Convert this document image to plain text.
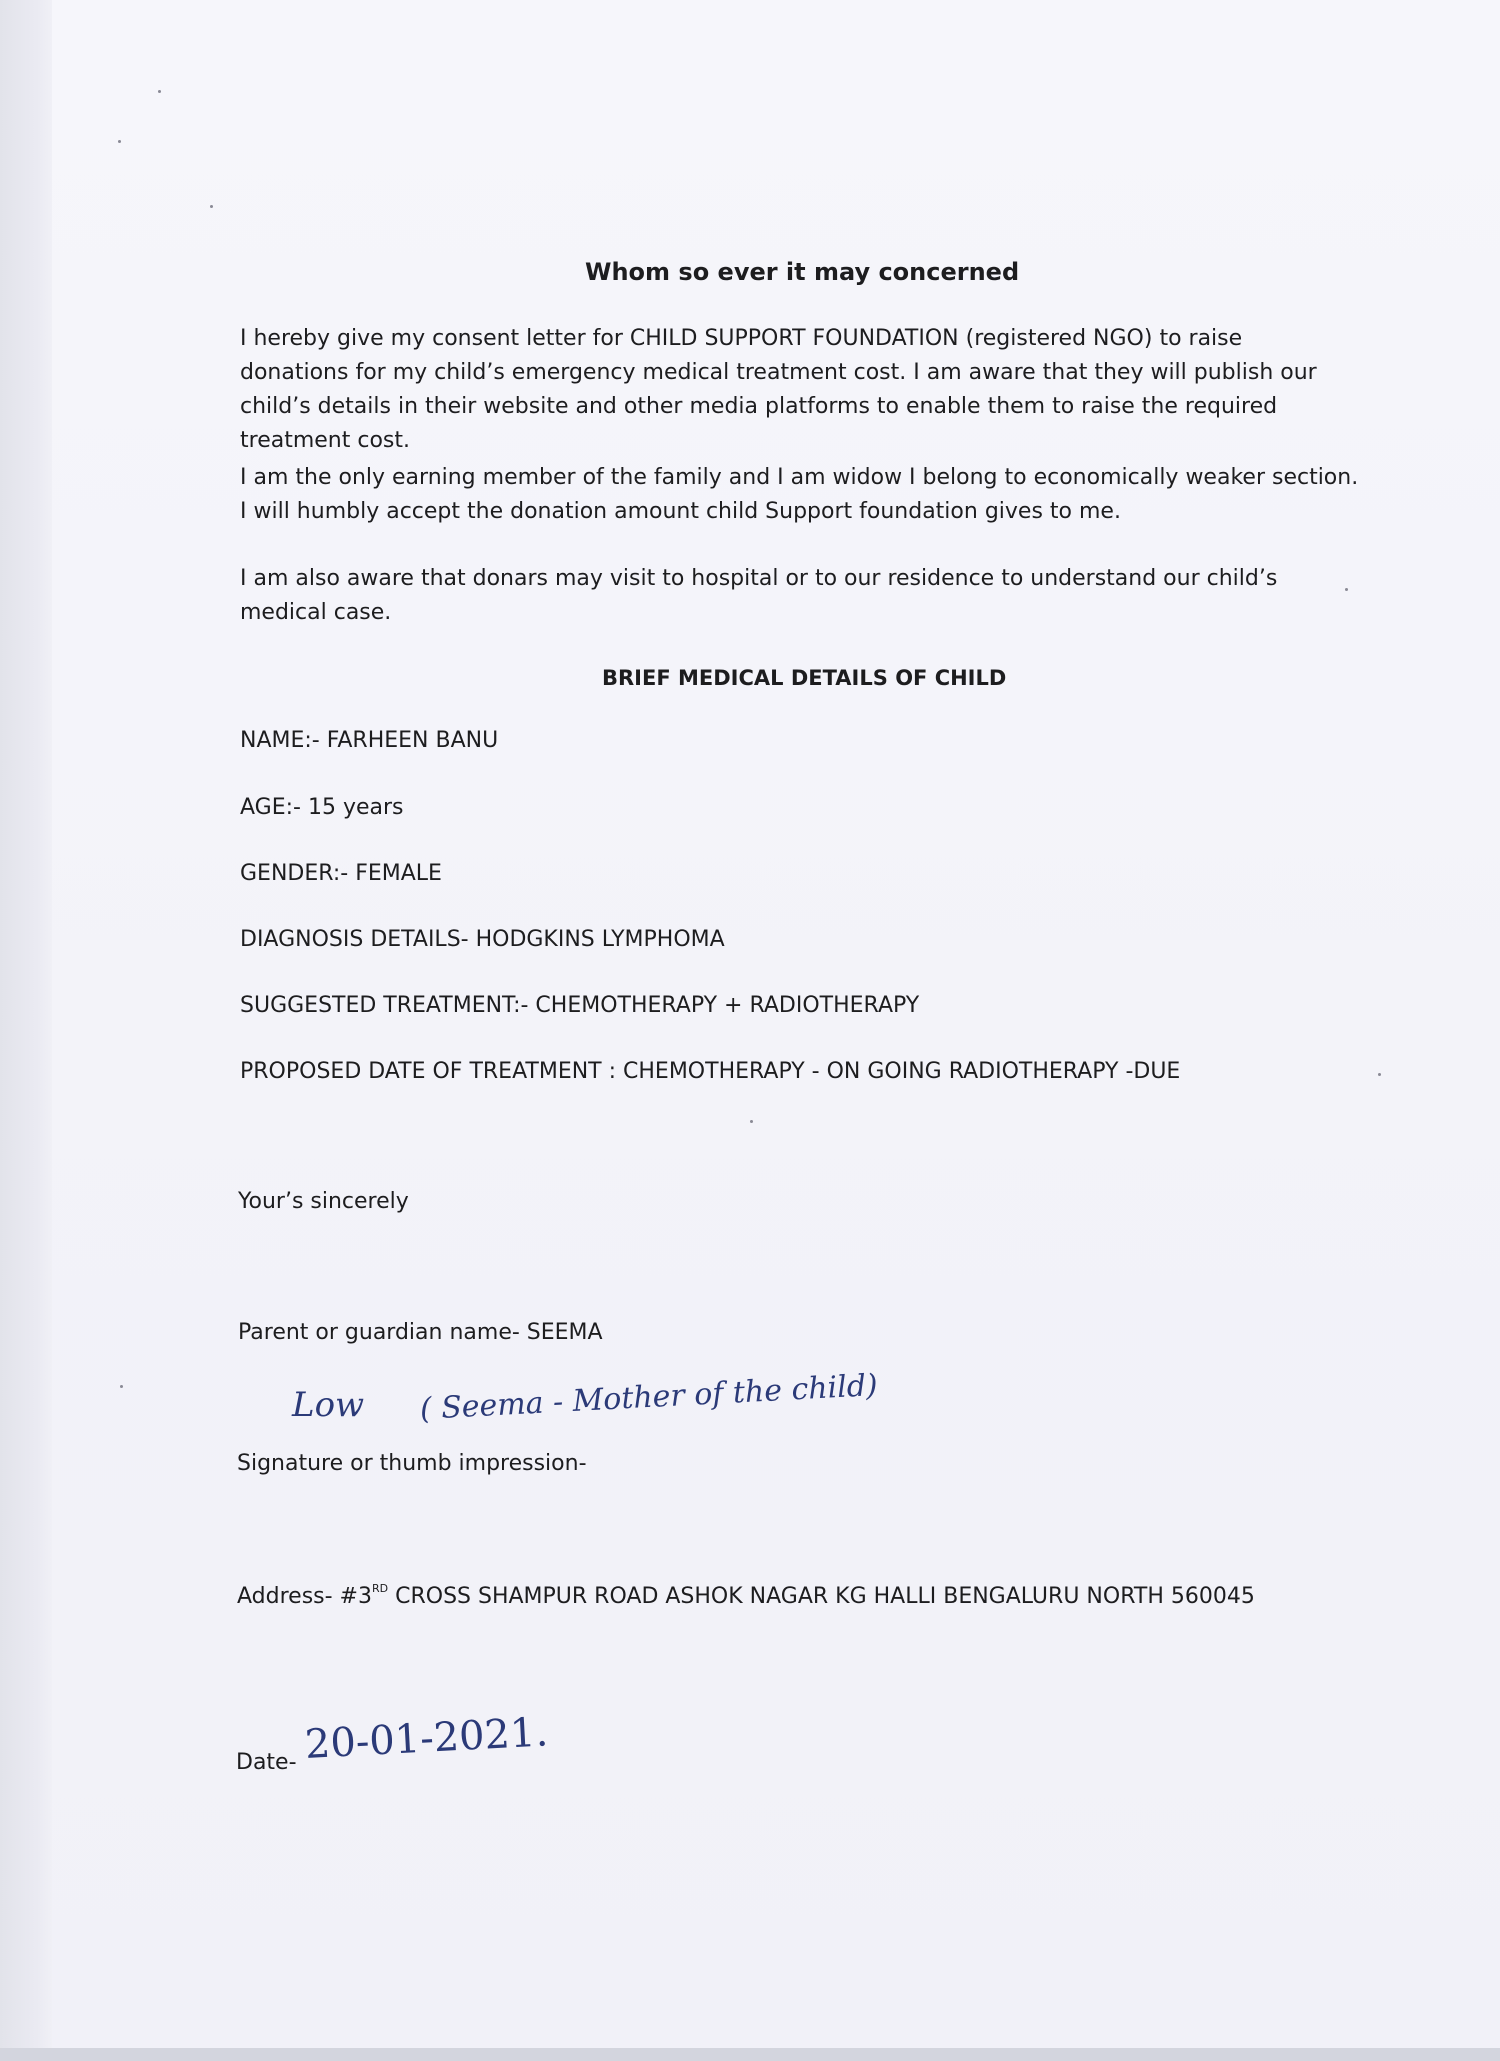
Whom so ever it may concerned
I hereby give my consent letter for CHILD SUPPORT FOUNDATION (registered NGO) to raise donations for my child’s emergency medical treatment cost. I am aware that they will publish our child’s details in their website and other media platforms to enable them to raise the required treatment cost.
I am the only earning member of the family and I am widow I belong to economically weaker section. I will humbly accept the donation amount child Support foundation gives to me.
I am also aware that donars may visit to hospital or to our residence to understand our child’s medical case.
BRIEF MEDICAL DETAILS OF CHILD
NAME:- FARHEEN BANU
AGE:- 15 years
GENDER:- FEMALE
DIAGNOSIS DETAILS- HODGKINS LYMPHOMA
SUGGESTED TREATMENT:- CHEMOTHERAPY + RADIOTHERAPY
PROPOSED DATE OF TREATMENT : CHEMOTHERAPY - ON GOING RADIOTHERAPY -DUE
Your’s sincerely
Parent or guardian name- SEEMA
Low ( Seema - Mother of the child)
Signature or thumb impression-
Address- #3RD CROSS SHAMPUR ROAD ASHOK NAGAR KG HALLI BENGALURU NORTH 560045
Date- 20-01-2021.
